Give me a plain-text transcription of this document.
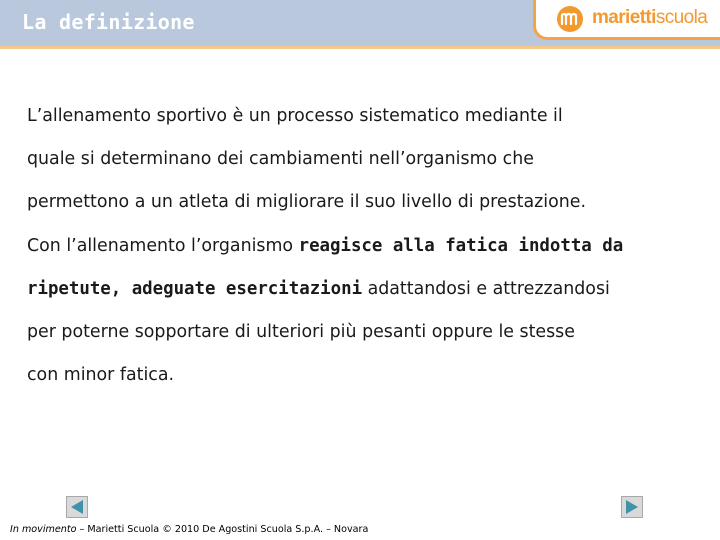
La definizione	mariettiscuola

L’allenamento sportivo è un processo sistematico mediante il

quale si determinano dei cambiamenti nell’organismo che

permettono a un atleta di migliorare il suo livello di prestazione.

Con l’allenamento l’organismo reagisce alla fatica indotta da

ripetute, adeguate esercitazioni adattandosi e attrezzandosi

per poterne sopportare di ulteriori più pesanti oppure le stesse

con minor fatica.

In movimento – Marietti Scuola © 2010 De Agostini Scuola S.p.A. – Novara
